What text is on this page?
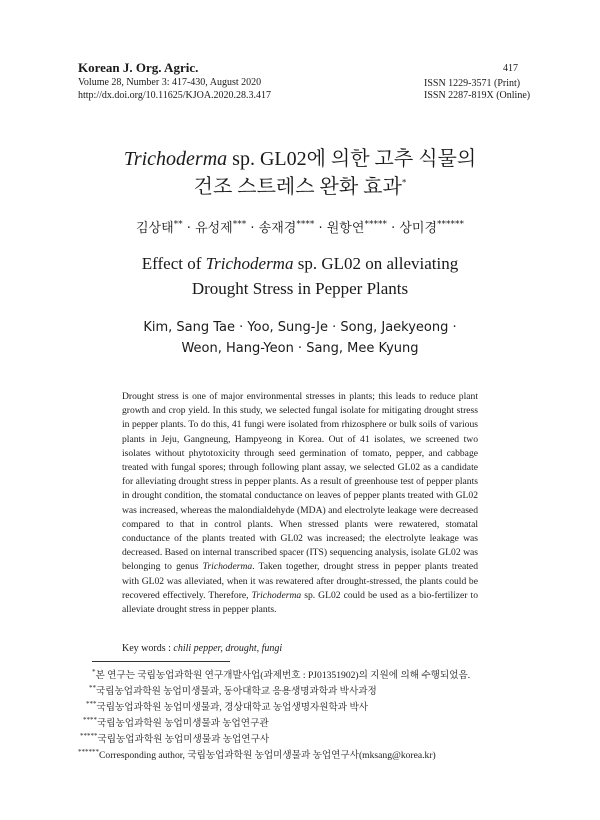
Korean J. Org. Agric.
Volume 28, Number 3: 417-430, August 2020
http://dx.doi.org/10.11625/KJOA.2020.28.3.417
417
ISSN 1229-3571 (Print)
ISSN 2287-819X (Online)
Trichoderma sp. GL02에 의한 고추 식물의
건조 스트레스 완화 효과*
김상태** · 유성제*** · 송재경**** · 원항연***** · 상미경******
Effect of Trichoderma sp. GL02 on alleviating
Drought Stress in Pepper Plants
Kim, Sang Tae · Yoo, Sung-Je · Song, Jaekyeong ·
Weon, Hang-Yeon · Sang, Mee Kyung
Drought stress is one of major environmental stresses in plants; this leads to reduce plant growth and crop yield. In this study, we selected fungal isolate for mitigating drought stress in pepper plants. To do this, 41 fungi were isolated from rhizosphere or bulk soils of various plants in Jeju, Gangneung, Hampyeong in Korea. Out of 41 isolates, we screened two isolates without phytotoxicity through seed germination of tomato, pepper, and cabbage treated with fungal spores; through following plant assay, we selected GL02 as a candidate for alleviating drought stress in pepper plants. As a result of greenhouse test of pepper plants in drought condition, the stomatal conductance on leaves of pepper plants treated with GL02 was increased, whereas the malondialdehyde (MDA) and electrolyte leakage were decreased compared to that in control plants. When stressed plants were rewatered, stomatal conductance of the plants treated with GL02 was increased; the electrolyte leakage was decreased. Based on internal transcribed spacer (ITS) sequencing analysis, isolate GL02 was belonging to genus Trichoderma. Taken together, drought stress in pepper plants treated with GL02 was alleviated, when it was rewatered after drought-stressed, the plants could be recovered effectively. Therefore, Trichoderma sp. GL02 could be used as a bio-fertilizer to alleviate drought stress in pepper plants.
Key words : chili pepper, drought, fungi
*본 연구는 국립농업과학원 연구개발사업(과제번호 : PJ01351902)의 지원에 의해 수행되었음.
**국립농업과학원 농업미생물과, 동아대학교 응용생명과학과 박사과정
***국립농업과학원 농업미생물과, 경상대학교 농업생명자원학과 박사
****국립농업과학원 농업미생물과 농업연구관
*****국립농업과학원 농업미생물과 농업연구사
******Corresponding author, 국립농업과학원 농업미생물과 농업연구사(mksang@korea.kr)
